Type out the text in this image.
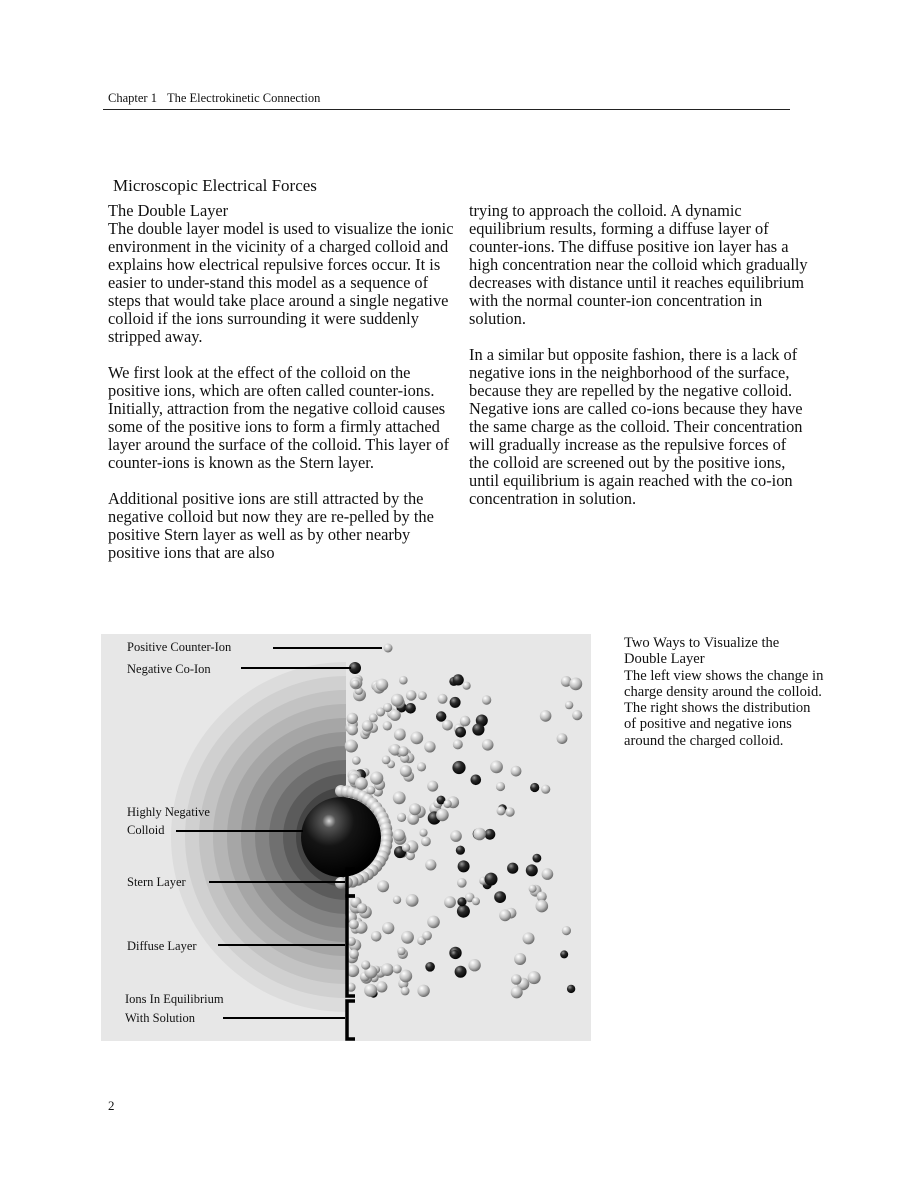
Chapter 1 The Electrokinetic Connection
Microscopic Electrical Forces

The Double Layer
The double layer model is used to visualize the ionic environment in the vicinity of a charged colloid and explains how electrical repulsive forces occur. It is easier to under-stand this model as a sequence of steps that would take place around a single negative colloid if the ions surrounding it were suddenly stripped away.

We first look at the effect of the colloid on the positive ions, which are often called counter-ions. Initially, attraction from the negative colloid causes some of the positive ions to form a firmly attached layer around the surface of the colloid. This layer of counter-ions is known as the Stern layer.

Additional positive ions are still attracted by the negative colloid but now they are re-pelled by the positive Stern layer as well as by other nearby positive ions that are also

trying to approach the colloid. A dynamic equilibrium results, forming a diffuse layer of counter-ions. The diffuse positive ion layer has a high concentration near the colloid which gradually decreases with distance until it reaches equilibrium with the normal counter-ion concentration in solution.

In a similar but opposite fashion, there is a lack of negative ions in the neighborhood of the surface, because they are repelled by the negative colloid. Negative ions are called co-ions because they have the same charge as the colloid. Their concentration will gradually increase as the repulsive forces of the colloid are screened out by the positive ions, until equilibrium is again reached with the co-ion concentration in solution.

Positive Counter-Ion
Negative Co-Ion
Highly Negative
Colloid
Stern Layer
Diffuse Layer
Ions In Equilibrium
With Solution
Two Ways to Visualize the Double Layer
The left view shows the change in charge density around the colloid. The right shows the distribution of positive and negative ions around the charged colloid.
2
